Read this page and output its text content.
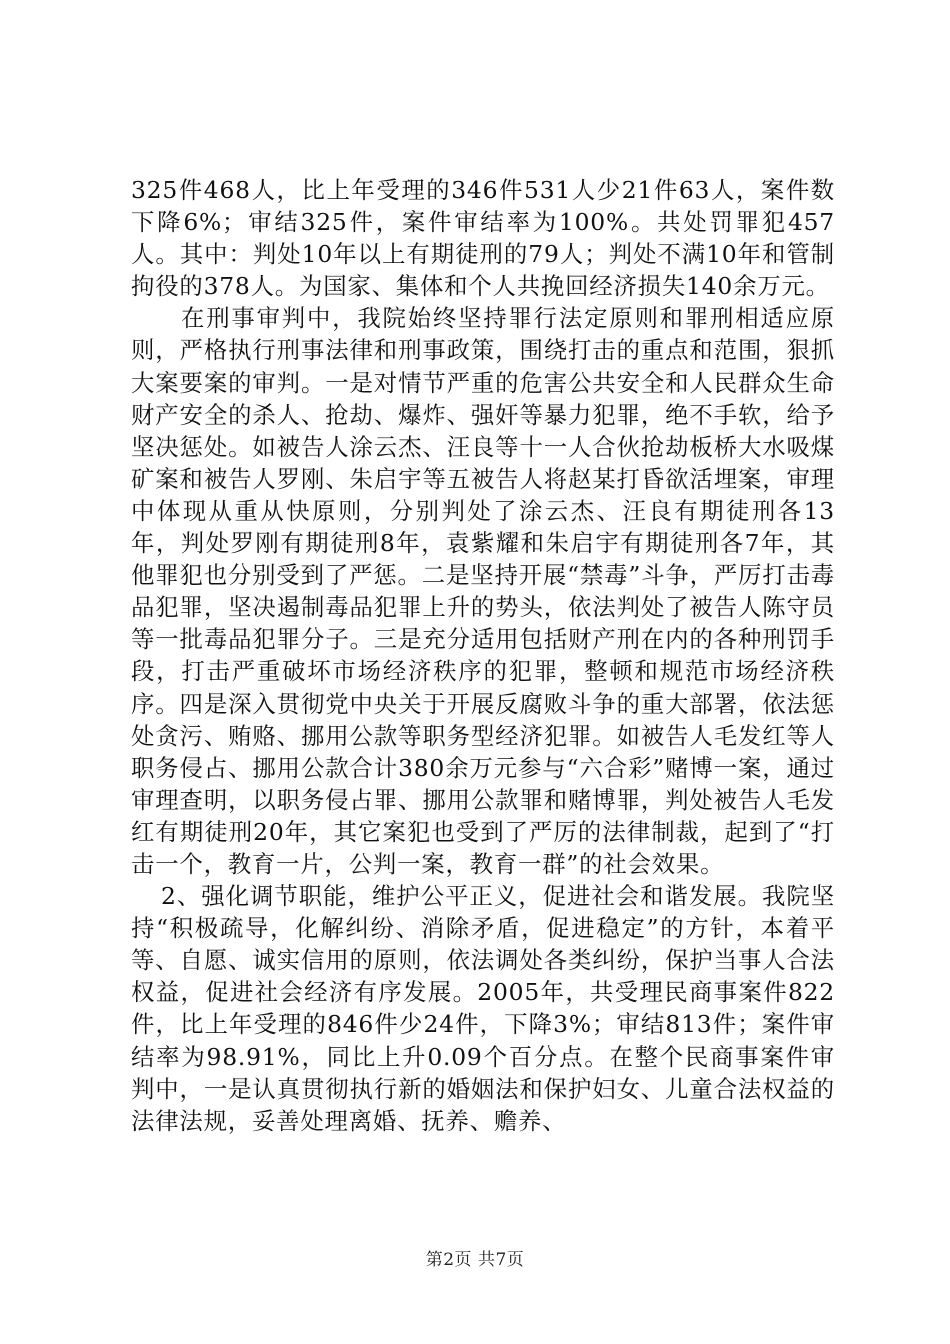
325件468人，比上年受理的346件531人少21件63人，案件数下降6%；审结325件，案件审结率为100%。共处罚罪犯457人。其中：判处10年以上有期徒刑的79人；判处不满10年和管制拘役的378人。为国家、集体和个人共挽回经济损失140余万元。

在刑事审判中，我院始终坚持罪行法定原则和罪刑相适应原则，严格执行刑事法律和刑事政策，围绕打击的重点和范围，狠抓大案要案的审判。一是对情节严重的危害公共安全和人民群众生命财产安全的杀人、抢劫、爆炸、强奸等暴力犯罪，绝不手软，给予坚决惩处。如被告人涂云杰、汪良等十一人合伙抢劫板桥大水吸煤矿案和被告人罗刚、朱启宇等五被告人将赵某打昏欲活埋案，审理中体现从重从快原则，分别判处了涂云杰、汪良有期徒刑各13年，判处罗刚有期徒刑8年，袁紫耀和朱启宇有期徒刑各7年，其他罪犯也分别受到了严惩。二是坚持开展“禁毒”斗争，严厉打击毒品犯罪，坚决遏制毒品犯罪上升的势头，依法判处了被告人陈守员等一批毒品犯罪分子。三是充分适用包括财产刑在内的各种刑罚手段，打击严重破坏市场经济秩序的犯罪，整顿和规范市场经济秩序。四是深入贯彻党中央关于开展反腐败斗争的重大部署，依法惩处贪污、贿赂、挪用公款等职务型经济犯罪。如被告人毛发红等人职务侵占、挪用公款合计380余万元参与“六合彩”赌博一案，通过审理查明，以职务侵占罪、挪用公款罪和赌博罪，判处被告人毛发红有期徒刑20年，其它案犯也受到了严厉的法律制裁，起到了“打击一个，教育一片，公判一案，教育一群”的社会效果。

2、强化调节职能，维护公平正义，促进社会和谐发展。我院坚持“积极疏导，化解纠纷、消除矛盾，促进稳定”的方针，本着平等、自愿、诚实信用的原则，依法调处各类纠纷，保护当事人合法权益，促进社会经济有序发展。2005年，共受理民商事案件822件，比上年受理的846件少24件，下降3%；审结813件；案件审结率为98.91%，同比上升0.09个百分点。在整个民商事案件审判中，一是认真贯彻执行新的婚姻法和保护妇女、儿童合法权益的法律法规，妥善处理离婚、抚养、赡养、

第2页 共7页
